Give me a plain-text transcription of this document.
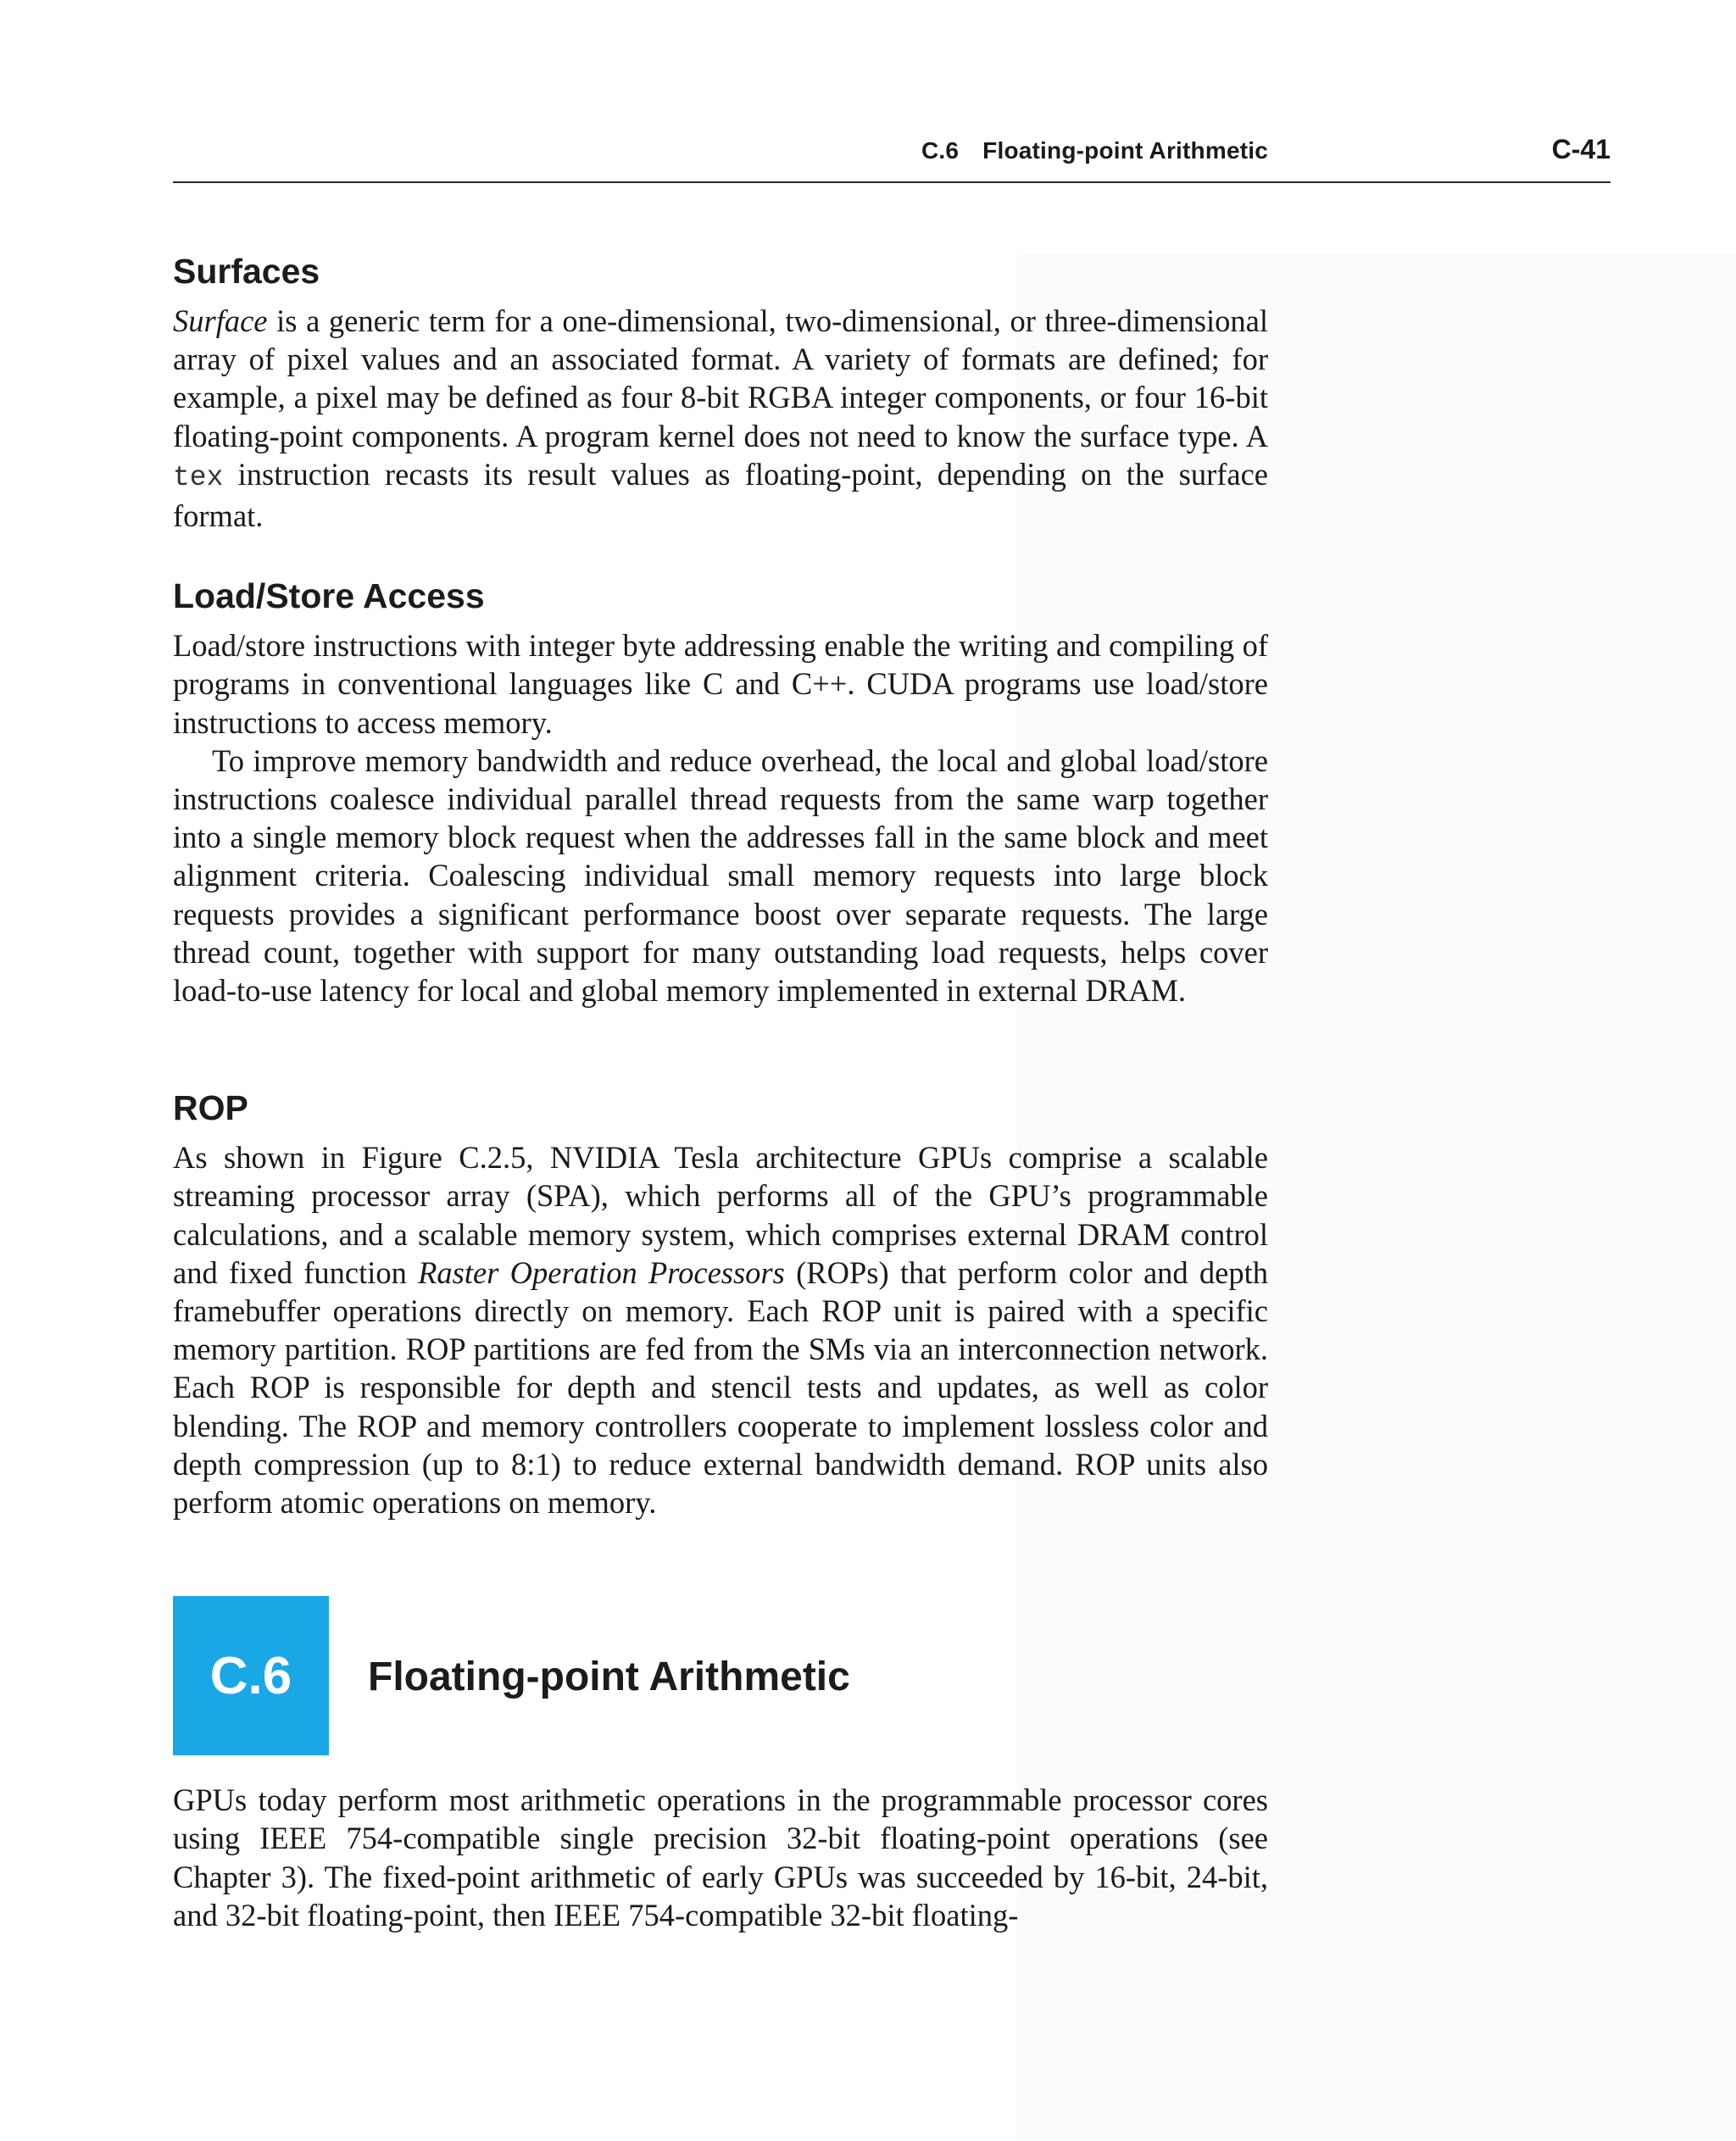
C.6 Floating-point Arithmetic	C-41
Surfaces

Surface is a generic term for a one-dimensional, two-dimensional, or three-dimensional array of pixel values and an associated format. A variety of formats are defined; for example, a pixel may be defined as four 8-bit RGBA integer components, or four 16-bit floating-point components. A program kernel does not need to know the surface type. A tex instruction recasts its result values as floating-point, depending on the surface format.

Load/Store Access

Load/store instructions with integer byte addressing enable the writing and compiling of programs in conventional languages like C and C++. CUDA programs use load/store instructions to access memory.

To improve memory bandwidth and reduce overhead, the local and global load/store instructions coalesce individual parallel thread requests from the same warp together into a single memory block request when the addresses fall in the same block and meet alignment criteria. Coalescing individual small memory requests into large block requests provides a significant performance boost over separate requests. The large thread count, together with support for many outstanding load requests, helps cover load-to-use latency for local and global memory implemented in external DRAM.

ROP

As shown in Figure C.2.5, NVIDIA Tesla architecture GPUs comprise a scalable streaming processor array (SPA), which performs all of the GPU’s programmable calculations, and a scalable memory system, which comprises external DRAM control and fixed function Raster Operation Processors (ROPs) that perform color and depth framebuffer operations directly on memory. Each ROP unit is paired with a specific memory partition. ROP partitions are fed from the SMs via an interconnection network. Each ROP is responsible for depth and stencil tests and updates, as well as color blending. The ROP and memory controllers cooperate to implement lossless color and depth compression (up to 8:1) to reduce external bandwidth demand. ROP units also perform atomic operations on memory.

C.6	Floating-point Arithmetic

GPUs today perform most arithmetic operations in the programmable processor cores using IEEE 754-compatible single precision 32-bit floating-point operations (see Chapter 3). The fixed-point arithmetic of early GPUs was succeeded by 16-bit, 24-bit, and 32-bit floating-point, then IEEE 754-compatible 32-bit floating-
